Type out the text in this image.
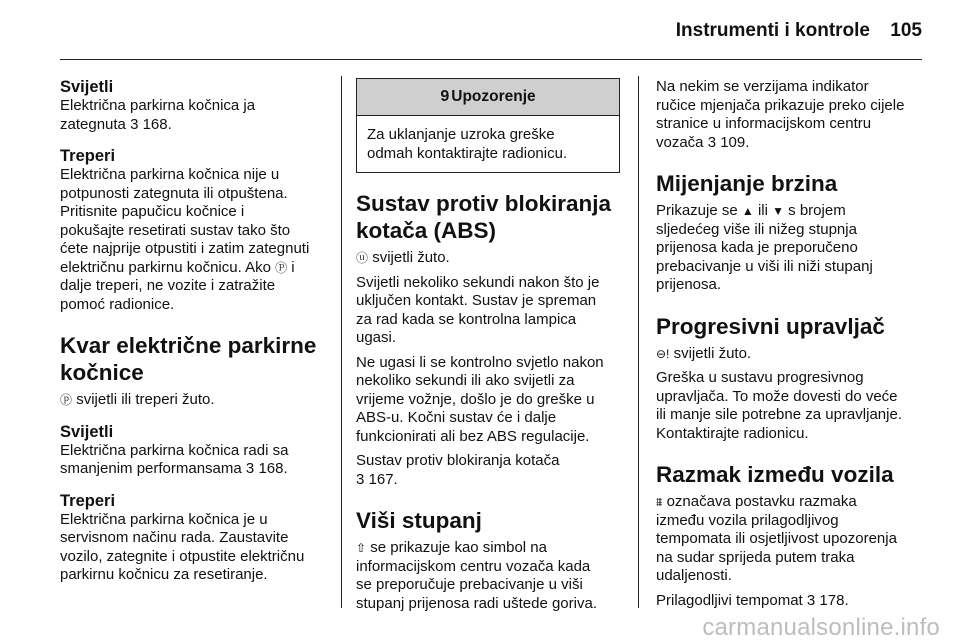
Instrumenti i kontrole	105

Svijetli

Električna parkirna kočnica ja
zategnuta 3 168.

Treperi

Električna parkirna kočnica nije u
potpunosti zategnuta ili otpuštena.
Pritisnite papučicu kočnice i
pokušajte resetirati sustav tako što
ćete najprije otpustiti i zatim zategnuti
električnu parkirnu kočnicu. Ako Ⓟ i
dalje treperi, ne vozite i zatražite
pomoć radionice.

Kvar električne parkirne
kočnice

ⓟ svijetli ili treperi žuto.

Svijetli

Električna parkirna kočnica radi sa
smanjenim performansama 3 168.

Treperi

Električna parkirna kočnica je u
servisnom načinu rada. Zaustavite
vozilo, zategnite i otpustite električnu
parkirnu kočnicu za resetiranje.

9 Upozorenje
Za uklanjanje uzroka greške
odmah kontaktirajte radionicu.

Sustav protiv blokiranja
kotača (ABS)

ⓤ svijetli žuto.

Svijetli nekoliko sekundi nakon što je
uključen kontakt. Sustav je spreman
za rad kada se kontrolna lampica
ugasi.

Ne ugasi li se kontrolno svjetlo nakon
nekoliko sekundi ili ako svijetli za
vrijeme vožnje, došlo je do greške u
ABS-u. Kočni sustav će i dalje
funkcionirati ali bez ABS regulacije.

Sustav protiv blokiranja kotača
3 167.

Viši stupanj

⇧ se prikazuje kao simbol na
informacijskom centru vozača kada
se preporučuje prebacivanje u viši
stupanj prijenosa radi uštede goriva.

Na nekim se verzijama indikator
ručice mjenjača prikazuje preko cijele
stranice u informacijskom centru
vozača 3 109.

Mijenjanje brzina

Prikazuje se ▲ ili ▼ s brojem
sljedećeg više ili nižeg stupnja
prijenosa kada je preporučeno
prebacivanje u viši ili niži stupanj
prijenosa.

Progresivni upravljač

⊖! svijetli žuto.

Greška u sustavu progresivnog
upravljača. To može dovesti do veće
ili manje sile potrebne za upravljanje.
Kontaktirajte radionicu.

Razmak između vozila

⩩ označava postavku razmaka
između vozila prilagodljivog
tempomata ili osjetljivost upozorenja
na sudar sprijeda putem traka
udaljenosti.

Prilagodljivi tempomat 3 178.

carmanualsonline.info
